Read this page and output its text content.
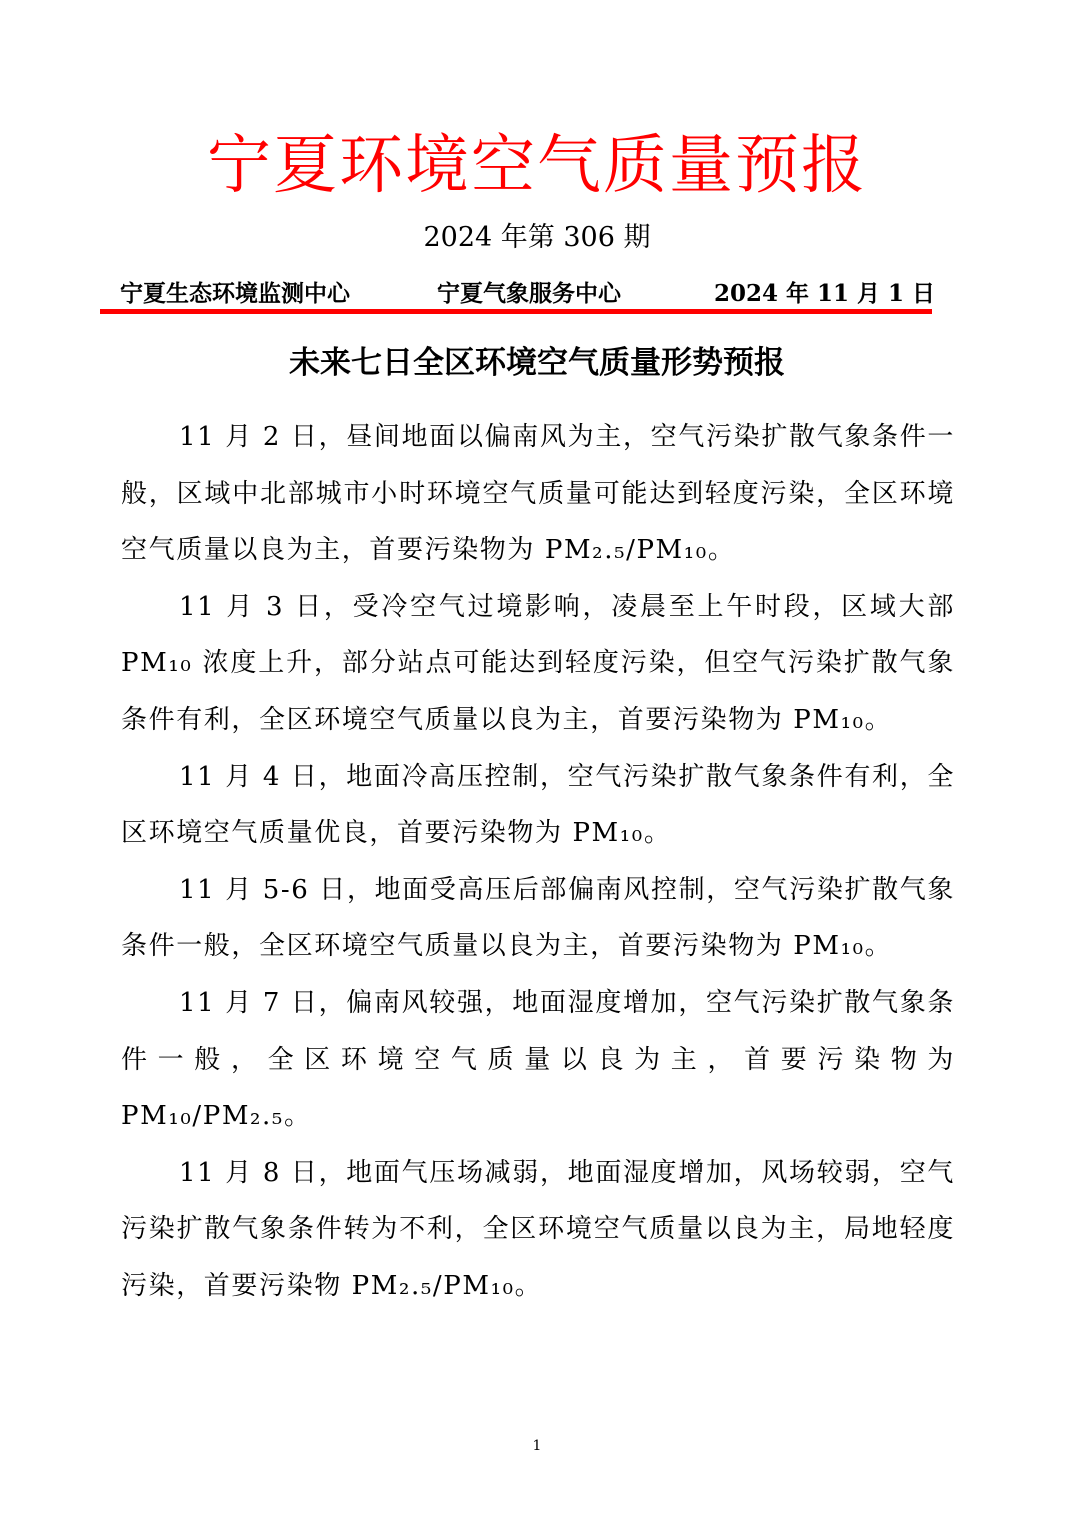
宁夏环境空气质量预报
2024 年第 306 期
宁夏生态环境监测中心	宁夏气象服务中心	2024 年 11 月 1 日
未来七日全区环境空气质量形势预报

11 月 2 日，昼间地面以偏南风为主，空气污染扩散气象条件一般，区域中北部城市小时环境空气质量可能达到轻度污染，全区环境空气质量以良为主，首要污染物为 PM₂.₅/PM₁₀。

11 月 3 日，受冷空气过境影响，凌晨至上午时段，区域大部 PM₁₀ 浓度上升，部分站点可能达到轻度污染，但空气污染扩散气象条件有利，全区环境空气质量以良为主，首要污染物为 PM₁₀。

11 月 4 日，地面冷高压控制，空气污染扩散气象条件有利，全区环境空气质量优良，首要污染物为 PM₁₀。

11 月 5-6 日，地面受高压后部偏南风控制，空气污染扩散气象条件一般，全区环境空气质量以良为主，首要污染物为 PM₁₀。

11 月 7 日，偏南风较强，地面湿度增加，空气污染扩散气象条件一般，全区环境空气质量以良为主，首要污染物为 PM₁₀/PM₂.₅。

11 月 8 日，地面气压场减弱，地面湿度增加，风场较弱，空气污染扩散气象条件转为不利，全区环境空气质量以良为主，局地轻度污染，首要污染物 PM₂.₅/PM₁₀。

1
